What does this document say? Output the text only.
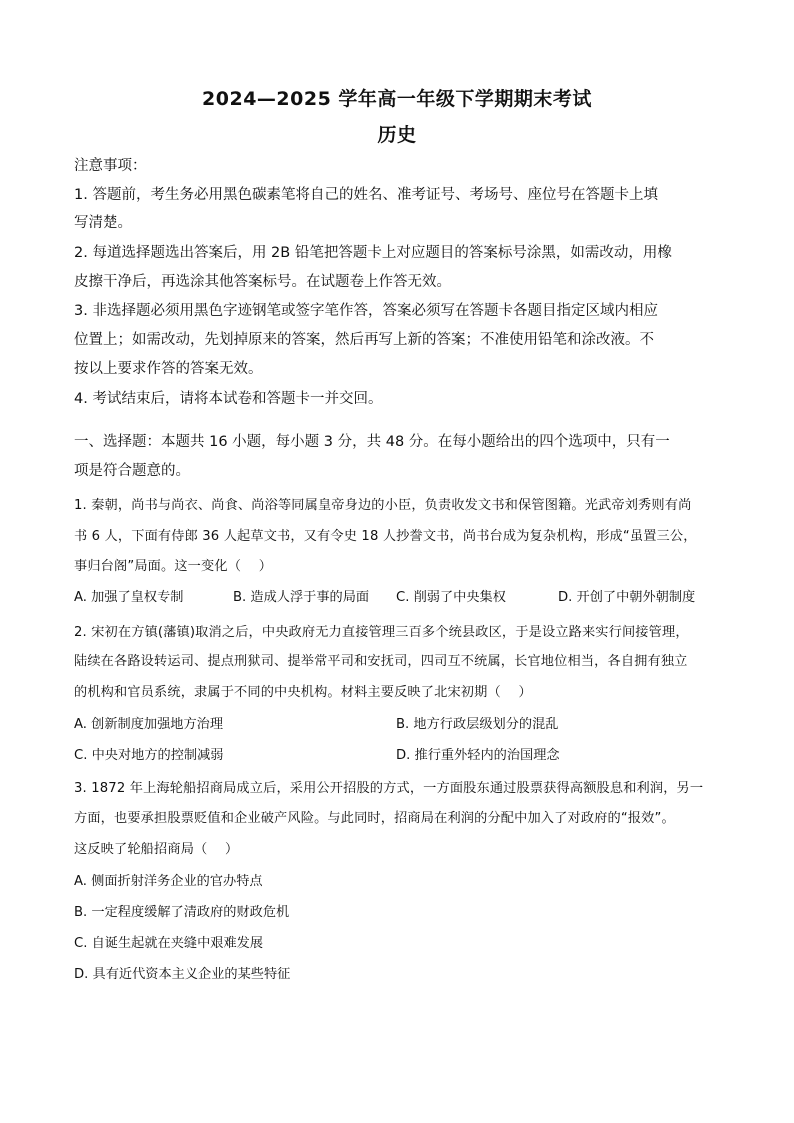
2024—2025 学年高一年级下学期期末考试
历史
注意事项：
1. 答题前，考生务必用黑色碳素笔将自己的姓名、准考证号、考场号、座位号在答题卡上填
写清楚。
2. 每道选择题选出答案后，用 2B 铅笔把答题卡上对应题目的答案标号涂黑，如需改动，用橡
皮擦干净后，再选涂其他答案标号。在试题卷上作答无效。
3. 非选择题必须用黑色字迹钢笔或签字笔作答，答案必须写在答题卡各题目指定区域内相应
位置上；如需改动，先划掉原来的答案，然后再写上新的答案；不准使用铅笔和涂改液。不
按以上要求作答的答案无效。
4. 考试结束后，请将本试卷和答题卡一并交回。
一、选择题：本题共 16 小题，每小题 3 分，共 48 分。在每小题给出的四个选项中，只有一
项是符合题意的。
1. 秦朝，尚书与尚衣、尚食、尚浴等同属皇帝身边的小臣，负责收发文书和保管图籍。光武帝刘秀则有尚
书 6 人，下面有侍郎 36 人起草文书，又有令史 18 人抄誊文书，尚书台成为复杂机构，形成“虽置三公，
事归台阁”局面。这一变化（　 ）
A. 加强了皇权专制	B. 造成人浮于事的局面 C. 削弱了中央集权	D. 开创了中朝外朝制度
2. 宋初在方镇(藩镇)取消之后，中央政府无力直接管理三百多个统县政区，于是设立路来实行间接管理，
陆续在各路设转运司、提点刑狱司、提举常平司和安抚司，四司互不统属，长官地位相当，各自拥有独立
的机构和官员系统，隶属于不同的中央机构。材料主要反映了北宋初期（　 ）
A. 创新制度加强地方治理	B. 地方行政层级划分的混乱
C. 中央对地方的控制减弱	D. 推行重外轻内的治国理念
3. 1872 年上海轮船招商局成立后，采用公开招股的方式，一方面股东通过股票获得高额股息和利润，另一
方面，也要承担股票贬值和企业破产风险。与此同时，招商局在利润的分配中加入了对政府的“报效”。
这反映了轮船招商局（　 ）
A. 侧面折射洋务企业的官办特点
B. 一定程度缓解了清政府的财政危机
C. 自诞生起就在夹缝中艰难发展
D. 具有近代资本主义企业的某些特征
